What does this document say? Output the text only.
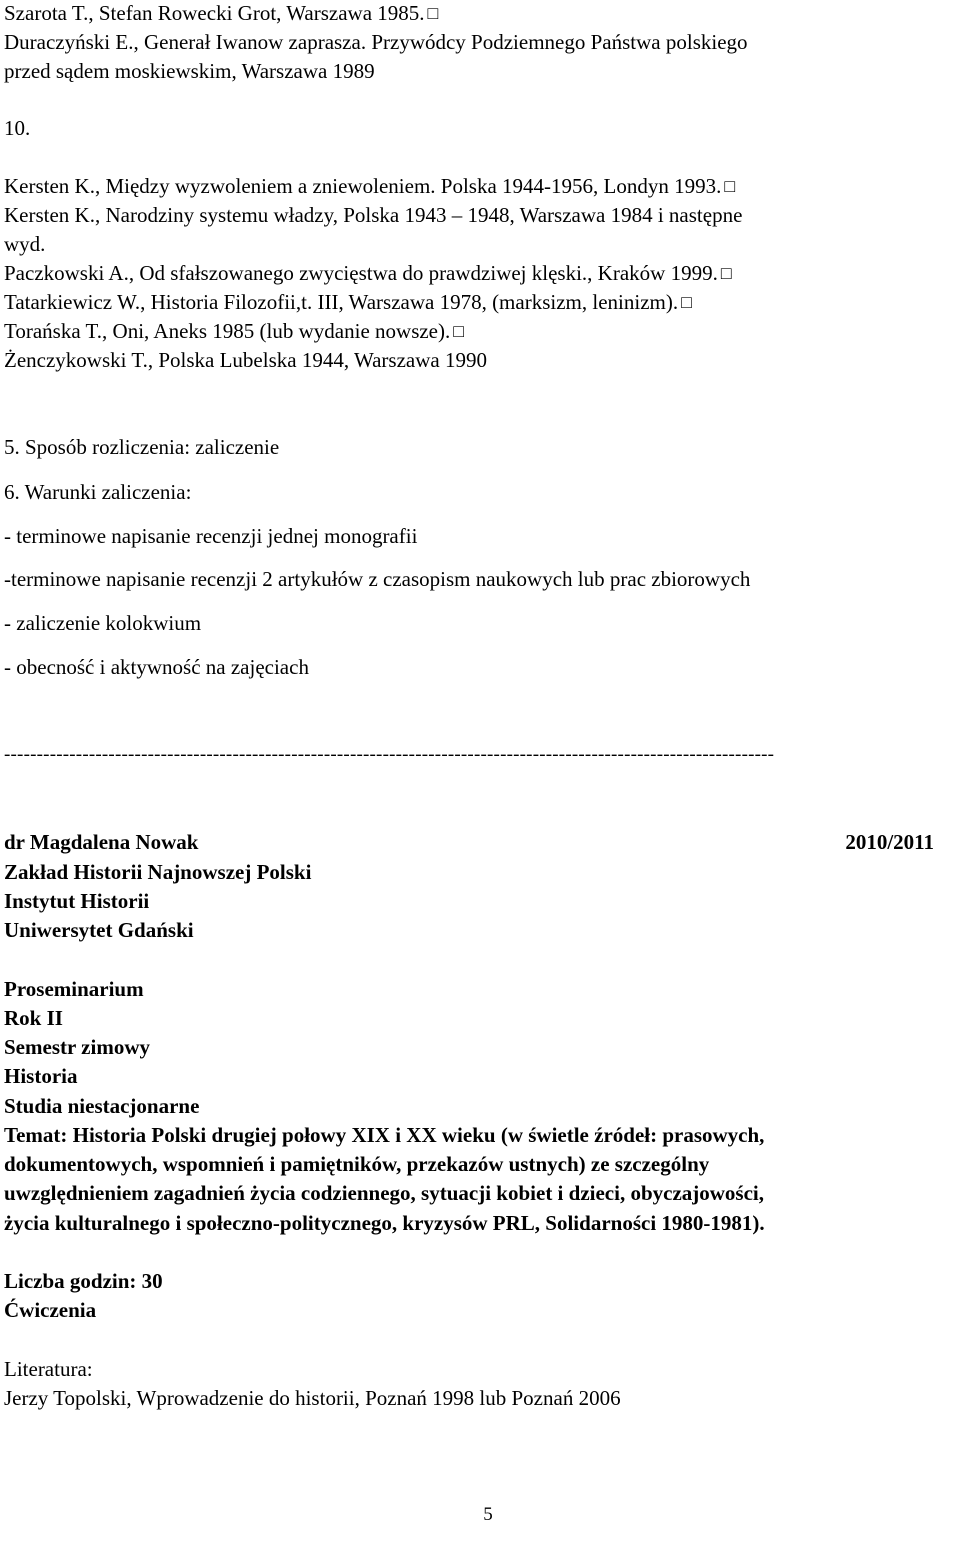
Szarota T., Stefan Rowecki Grot, Warszawa 1985. □
Duraczyński E., Generał Iwanow zaprasza. Przywódcy Podziemnego Państwa polskiego
przed sądem moskiewskim, Warszawa 1989
10.
Kersten K., Między wyzwoleniem a zniewoleniem. Polska 1944-1956, Londyn 1993. □
Kersten K., Narodziny systemu władzy, Polska 1943 – 1948, Warszawa 1984 i następne
wyd.
Paczkowski A., Od sfałszowanego zwycięstwa do prawdziwej klęski., Kraków 1999. □
Tatarkiewicz W., Historia Filozofii,t. III, Warszawa 1978, (marksizm, leninizm). □
Torańska T., Oni, Aneks 1985 (lub wydanie nowsze). □
Żenczykowski T., Polska Lubelska 1944, Warszawa 1990
5. Sposób rozliczenia: zaliczenie
6. Warunki zaliczenia:
- terminowe napisanie recenzji jednej monografii
-terminowe napisanie recenzji 2 artykułów z czasopism naukowych lub prac zbiorowych
- zaliczenie kolokwium
- obecność i aktywność na zajęciach
----------------------------------------------------------------------------------------------------------------------
dr Magdalena Nowak	2010/2011
Zakład Historii Najnowszej Polski
Instytut Historii
Uniwersytet Gdański
Proseminarium
Rok II
Semestr zimowy
Historia
Studia niestacjonarne
Temat: Historia Polski drugiej połowy XIX i XX wieku (w świetle źródeł: prasowych,
dokumentowych, wspomnień i pamiętników, przekazów ustnych) ze szczególny
uwzględnieniem zagadnień życia codziennego, sytuacji kobiet i dzieci, obyczajowości,
życia kulturalnego i społeczno-politycznego, kryzysów PRL, Solidarności 1980-1981).
Liczba godzin: 30
Ćwiczenia
Literatura:
Jerzy Topolski, Wprowadzenie do historii, Poznań 1998 lub Poznań 2006
5
